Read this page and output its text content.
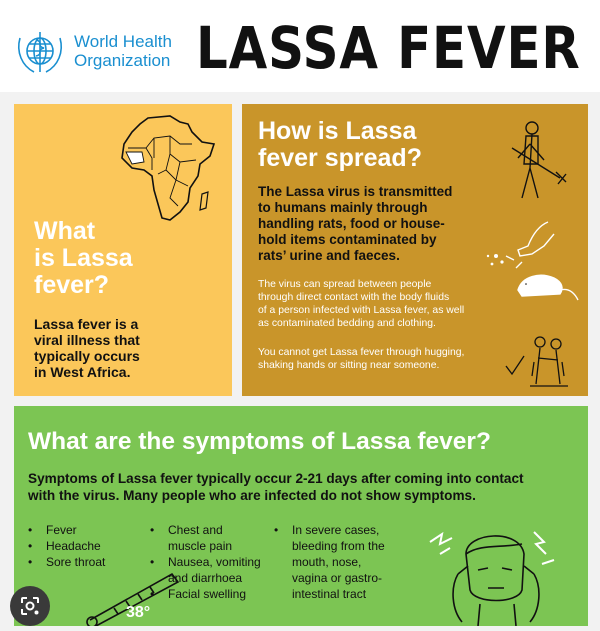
World Health
Organization LASSA FEVER
What
is Lassa
fever?
Lassa fever is a
viral illness that
typically occurs
in West Africa.
How is Lassa
fever spread?
The Lassa virus is transmitted
to humans mainly through
handling rats, food or house-
hold items contaminated by
rats’ urine and faeces.
The virus can spread between people
through direct contact with the body fluids
of a person infected with Lassa fever, as well
as contaminated bedding and clothing.
You cannot get Lassa fever through hugging,
shaking hands or sitting near someone.
What are the symptoms of Lassa fever?
Symptoms of Lassa fever typically occur 2-21 days after coming into contact
with the virus. Many people who are infected do not show symptoms.
• Fever
• Headache
• Sore throat
• Chest and
muscle pain
• Nausea, vomiting
and diarrhoea
• Facial swelling
• In severe cases,
bleeding from the
mouth, nose,
vagina or gastro-
intestinal tract
38°
